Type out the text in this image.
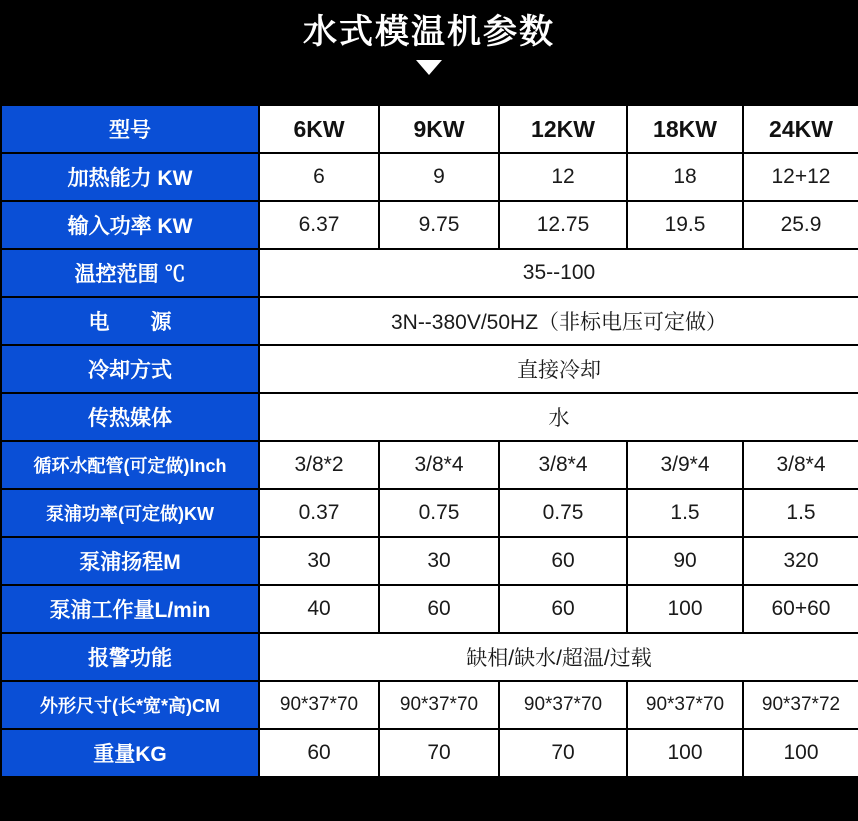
水式模温机参数
型号	6KW	9KW	12KW	18KW	24KW
加热能力 KW	6	9	12	18	12+12
输入功率 KW	6.37	9.75	12.75	19.5	25.9
温控范围 ℃	35--100				
电　源	3N--380V/50HZ（非标电压可定做）				
冷却方式	直接冷却				
传热媒体	水				
循环水配管(可定做)Inch	3/8*2	3/8*4	3/8*4	3/9*4	3/8*4
泵浦功率(可定做)KW	0.37	0.75	0.75	1.5	1.5
泵浦扬程M	30	30	60	90	320
泵浦工作量L/min	40	60	60	100	60+60
报警功能	缺相/缺水/超温/过载				
外形尺寸(长*宽*高)CM	90*37*70	90*37*70	90*37*70	90*37*70	90*37*72
重量KG	60	70	70	100	100
